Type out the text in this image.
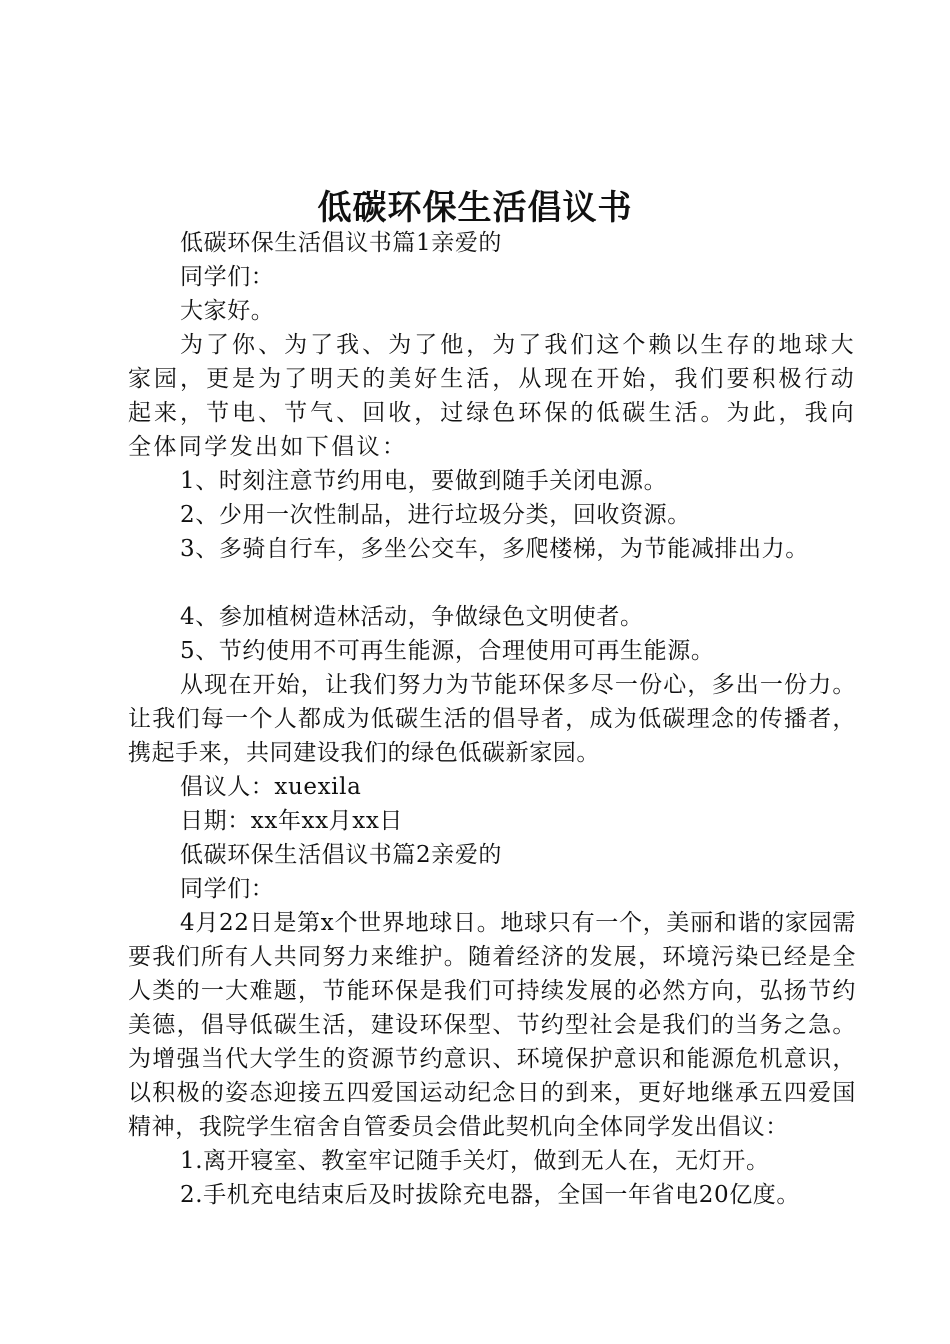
低碳环保生活倡议书

低碳环保生活倡议书篇1亲爱的

同学们：

大家好。

为了你、为了我、为了他，为了我们这个赖以生存的地球大家园，更是为了明天的美好生活，从现在开始，我们要积极行动起来，节电、节气、回收，过绿色环保的低碳生活。为此，我向全体同学发出如下倡议：

1、时刻注意节约用电，要做到随手关闭电源。

2、少用一次性制品，进行垃圾分类，回收资源。

3、多骑自行车，多坐公交车，多爬楼梯，为节能减排出力。

4、参加植树造林活动，争做绿色文明使者。

5、节约使用不可再生能源，合理使用可再生能源。

从现在开始，让我们努力为节能环保多尽一份心，多出一份力。让我们每一个人都成为低碳生活的倡导者，成为低碳理念的传播者，携起手来，共同建设我们的绿色低碳新家园。

倡议人：xuexila

日期：xx年xx月xx日

低碳环保生活倡议书篇2亲爱的

同学们：

4月22日是第x个世界地球日。地球只有一个，美丽和谐的家园需要我们所有人共同努力来维护。随着经济的发展，环境污染已经是全人类的一大难题，节能环保是我们可持续发展的必然方向，弘扬节约美德，倡导低碳生活，建设环保型、节约型社会是我们的当务之急。为增强当代大学生的资源节约意识、环境保护意识和能源危机意识，以积极的姿态迎接五四爱国运动纪念日的到来，更好地继承五四爱国精神，我院学生宿舍自管委员会借此契机向全体同学发出倡议：

1.离开寝室、教室牢记随手关灯，做到无人在，无灯开。

2.手机充电结束后及时拔除充电器，全国一年省电20亿度。
